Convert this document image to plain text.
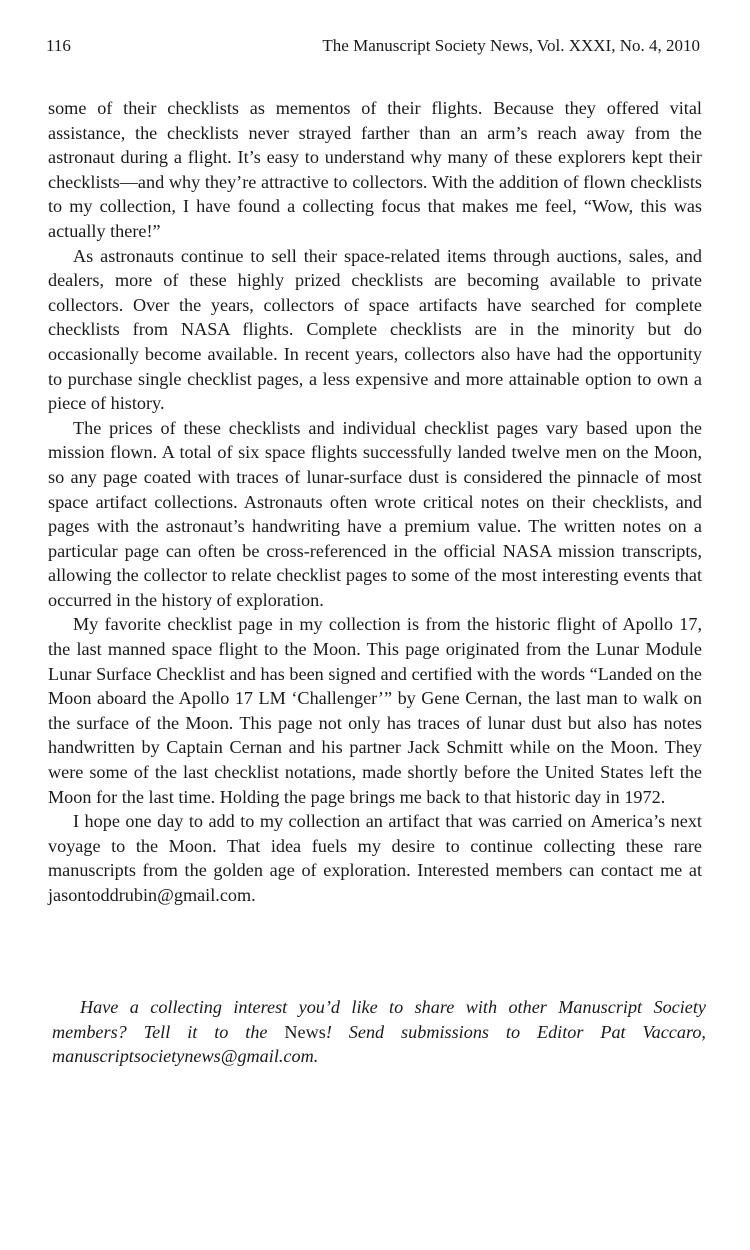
116	The Manuscript Society News, Vol. XXXI, No. 4, 2010

some of their checklists as mementos of their flights. Because they offered vital assistance, the checklists never strayed farther than an arm’s reach away from the astronaut during a flight. It’s easy to understand why many of these explorers kept their checklists—and why they’re attractive to collectors. With the addition of flown checklists to my collection, I have found a collecting focus that makes me feel, “Wow, this was actually there!”

As astronauts continue to sell their space-related items through auctions, sales, and dealers, more of these highly prized checklists are becoming available to private collectors. Over the years, collectors of space artifacts have searched for complete checklists from NASA flights. Complete checklists are in the minority but do occasionally become available. In recent years, collectors also have had the opportunity to purchase single checklist pages, a less expensive and more attainable option to own a piece of history.

The prices of these checklists and individual checklist pages vary based upon the mission flown. A total of six space flights successfully landed twelve men on the Moon, so any page coated with traces of lunar-surface dust is considered the pinnacle of most space artifact collections. Astronauts often wrote critical notes on their checklists, and pages with the astronaut’s handwriting have a premium value. The written notes on a particular page can often be cross-referenced in the official NASA mission transcripts, allowing the collector to relate checklist pages to some of the most interesting events that occurred in the history of exploration.

My favorite checklist page in my collection is from the historic flight of Apollo 17, the last manned space flight to the Moon. This page originated from the Lunar Module Lunar Surface Checklist and has been signed and certified with the words “Landed on the Moon aboard the Apollo 17 LM ‘Challenger’” by Gene Cernan, the last man to walk on the surface of the Moon. This page not only has traces of lunar dust but also has notes handwritten by Captain Cernan and his partner Jack Schmitt while on the Moon. They were some of the last checklist notations, made shortly before the United States left the Moon for the last time. Holding the page brings me back to that historic day in 1972.

I hope one day to add to my collection an artifact that was carried on America’s next voyage to the Moon. That idea fuels my desire to continue collecting these rare manuscripts from the golden age of exploration. Interested members can contact me at jasontoddrubin@gmail.com.

Have a collecting interest you’d like to share with other Manuscript Society members? Tell it to the News! Send submissions to Editor Pat Vaccaro, manuscriptsocietynews@gmail.com.
